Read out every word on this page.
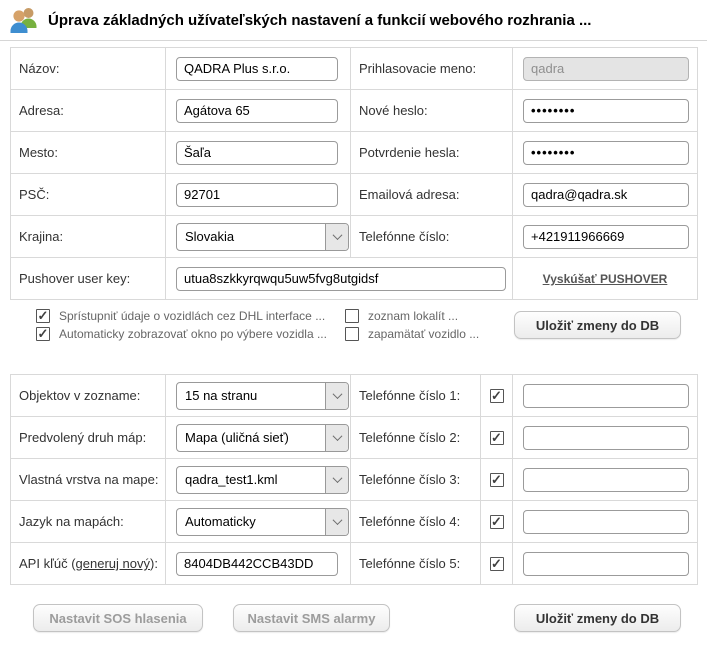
Úprava základných užívateľských nastavení a funkcií webového rozhrania ...
Názov:	QADRA Plus s.r.o.	Prihlasovacie meno:	qadra
Adresa:	Agátova 65	Nové heslo:	
Mesto:	Šaľa	Potvrdenie hesla:	
PSČ:	92701	Emailová adresa:	qadra@qadra.sk
Krajina:	Slovakia	Telefónne číslo:	+421911966669
Pushover user key:	utua8szkkyrqwqu5uw5fvg8utgidsf		Vyskúšať PUSHOVER
✓
Sprístupniť údaje o vozidlách cez DHL interface ...
✓
Automaticky zobrazovať okno po výbere vozidla ...
zoznam lokalít ...
zapamätať vozidlo ...
Uložiť zmeny do DB
Objektov v zozname:	15 na stranu	Telefónne číslo 1:	✓	
Predvolený druh máp:	Mapa (uličná sieť)	Telefónne číslo 2:	✓	
Vlastná vrstva na mape:	qadra_test1.kml	Telefónne číslo 3:	✓	
Jazyk na mapách:	Automaticky	Telefónne číslo 4:	✓	
API kľúč (generuj nový):	8404DB442CCB43DD	Telefónne číslo 5:	✓	
Nastavit SOS hlasenia	Nastavit SMS alarmy	Uložiť zmeny do DB
